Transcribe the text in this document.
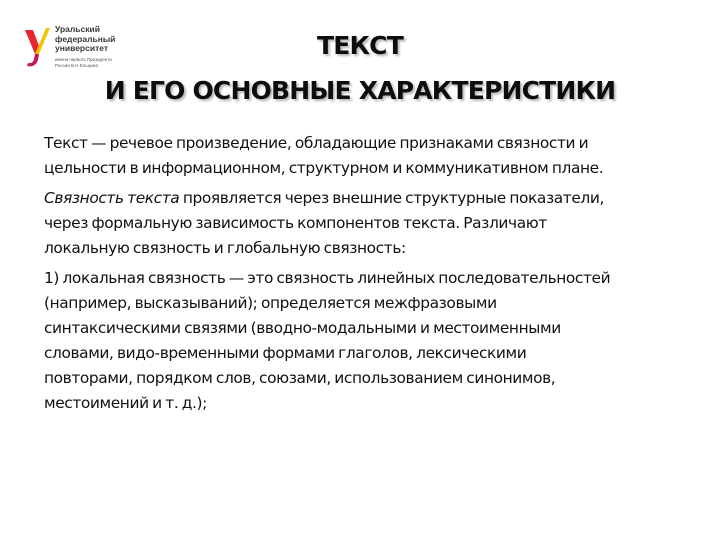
Уральский
федеральный
университет
имени первого Президента
России Б.Н.Ельцина
ТЕКСТ
И ЕГО ОСНОВНЫЕ ХАРАКТЕРИСТИКИ

Текст — речевое произведение, обладающие признаками связности и
цельности в информационном, структурном и коммуникативном плане.

Связность текста проявляется через внешние структурные показатели,
через формальную зависимость компонентов текста. Различают
локальную связность и глобальную связность:

1) локальная связность — это связность линейных последовательностей
(например, высказываний); определяется межфразовыми
синтаксическими связями (вводно-модальными и местоименными
словами, видо-временными формами глаголов, лексическими
повторами, порядком слов, союзами, использованием синонимов,
местоимений и т. д.);
